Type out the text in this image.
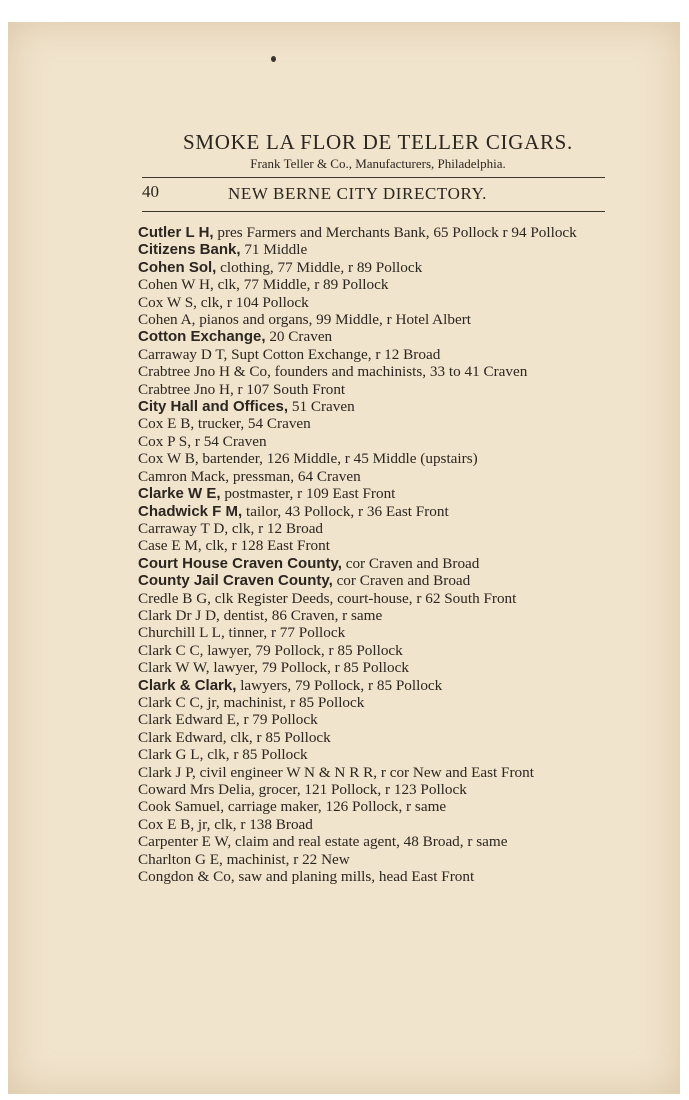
SMOKE LA FLOR DE TELLER CIGARS.
Frank Teller & Co., Manufacturers, Philadelphia.
40	NEW BERNE CITY DIRECTORY.
Cutler L H, pres Farmers and Merchants Bank, 65 Pollock r 94 Pollock
Citizens Bank, 71 Middle
Cohen Sol, clothing, 77 Middle, r 89 Pollock
Cohen W H, clk, 77 Middle, r 89 Pollock
Cox W S, clk, r 104 Pollock
Cohen A, pianos and organs, 99 Middle, r Hotel Albert
Cotton Exchange, 20 Craven
Carraway D T, Supt Cotton Exchange, r 12 Broad
Crabtree Jno H & Co, founders and machinists, 33 to 41 Craven
Crabtree Jno H, r 107 South Front
City Hall and Offices, 51 Craven
Cox E B, trucker, 54 Craven
Cox P S, r 54 Craven
Cox W B, bartender, 126 Middle, r 45 Middle (upstairs)
Camron Mack, pressman, 64 Craven
Clarke W E, postmaster, r 109 East Front
Chadwick F M, tailor, 43 Pollock, r 36 East Front
Carraway T D, clk, r 12 Broad
Case E M, clk, r 128 East Front
Court House Craven County, cor Craven and Broad
County Jail Craven County, cor Craven and Broad
Credle B G, clk Register Deeds, court-house, r 62 South Front
Clark Dr J D, dentist, 86 Craven, r same
Churchill L L, tinner, r 77 Pollock
Clark C C, lawyer, 79 Pollock, r 85 Pollock
Clark W W, lawyer, 79 Pollock, r 85 Pollock
Clark & Clark, lawyers, 79 Pollock, r 85 Pollock
Clark C C, jr, machinist, r 85 Pollock
Clark Edward E, r 79 Pollock
Clark Edward, clk, r 85 Pollock
Clark G L, clk, r 85 Pollock
Clark J P, civil engineer W N & N R R, r cor New and East Front
Coward Mrs Delia, grocer, 121 Pollock, r 123 Pollock
Cook Samuel, carriage maker, 126 Pollock, r same
Cox E B, jr, clk, r 138 Broad
Carpenter E W, claim and real estate agent, 48 Broad, r same
Charlton G E, machinist, r 22 New
Congdon & Co, saw and planing mills, head East Front
